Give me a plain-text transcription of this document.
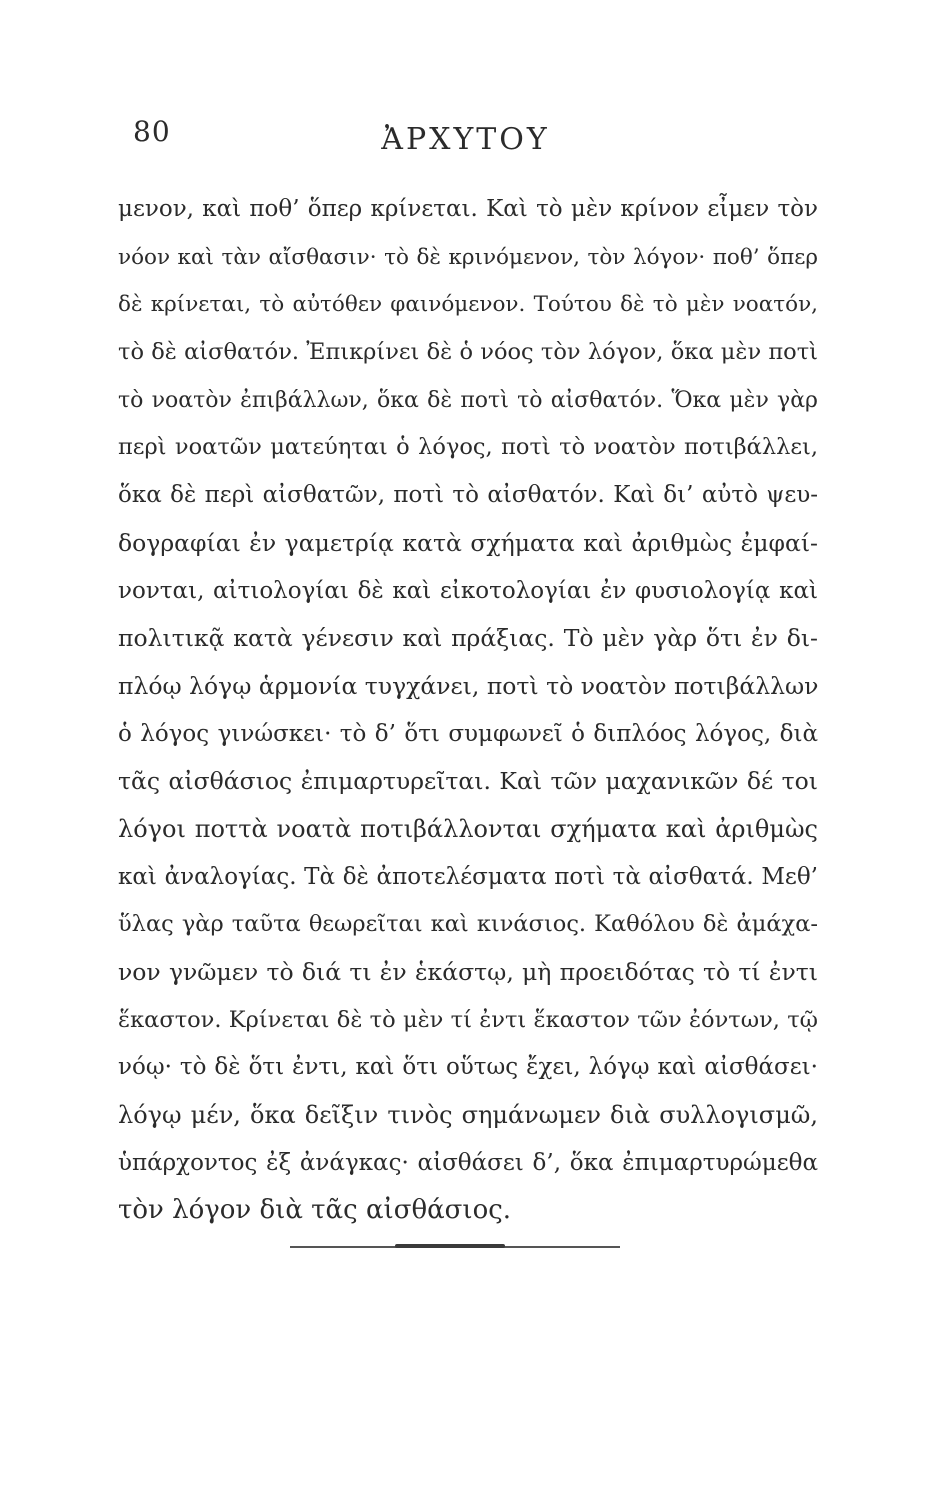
80	ἈΡΧΥΤΟΥ
μενον, καὶ ποθ’ ὅπερ κρίνεται. Καὶ τὸ μὲν κρίνον εἶμεν τὸν
νόον καὶ τὰν αἴσθασιν· τὸ δὲ κρινόμενον, τὸν λόγον· ποθ’ ὅπερ
δὲ κρίνεται, τὸ αὐτόθεν φαινόμενον. Τούτου δὲ τὸ μὲν νοατόν,
τὸ δὲ αἰσθατόν. Ἐπικρίνει δὲ ὁ νόος τὸν λόγον, ὅκα μὲν ποτὶ
τὸ νοατὸν ἐπιβάλλων, ὅκα δὲ ποτὶ τὸ αἰσθατόν. Ὅκα μὲν γὰρ
περὶ νοατῶν ματεύηται ὁ λόγος, ποτὶ τὸ νοατὸν ποτιβάλλει,
ὅκα δὲ περὶ αἰσθατῶν, ποτὶ τὸ αἰσθατόν. Καὶ δι’ αὐτὸ ψευ-
δογραφίαι ἐν γαμετρίᾳ κατὰ σχήματα καὶ ἀριθμὼς ἐμφαί-
νονται, αἰτιολογίαι δὲ καὶ εἰκοτολογίαι ἐν φυσιολογίᾳ καὶ
πολιτικᾷ κατὰ γένεσιν καὶ πράξιας. Τὸ μὲν γὰρ ὅτι ἐν δι-
πλόῳ λόγῳ ἁρμονία τυγχάνει, ποτὶ τὸ νοατὸν ποτιβάλλων
ὁ λόγος γινώσκει· τὸ δ’ ὅτι συμφωνεῖ ὁ διπλόος λόγος, διὰ
τᾶς αἰσθάσιος ἐπιμαρτυρεῖται. Καὶ τῶν μαχανικῶν δέ τοι
λόγοι ποττὰ νοατὰ ποτιβάλλονται σχήματα καὶ ἀριθμὼς
καὶ ἀναλογίας. Τὰ δὲ ἀποτελέσματα ποτὶ τὰ αἰσθατά. Μεθ’
ὕλας γὰρ ταῦτα θεωρεῖται καὶ κινάσιος. Καθόλου δὲ ἀμάχα-
νον γνῶμεν τὸ διά τι ἐν ἑκάστῳ, μὴ προειδότας τὸ τί ἐντι
ἕκαστον. Κρίνεται δὲ τὸ μὲν τί ἐντι ἕκαστον τῶν ἐόντων, τῷ
νόῳ· τὸ δὲ ὅτι ἐντι, καὶ ὅτι οὕτως ἔχει, λόγῳ καὶ αἰσθάσει·
λόγῳ μέν, ὅκα δεῖξιν τινὸς σημάνωμεν διὰ συλλογισμῶ,
ὑπάρχοντος ἐξ ἀνάγκας· αἰσθάσει δ’, ὅκα ἐπιμαρτυρώμεθα
τὸν λόγον διὰ τᾶς αἰσθάσιος.
